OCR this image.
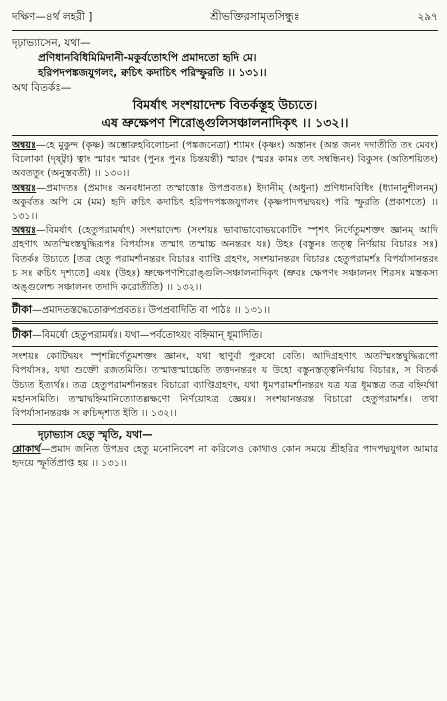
দক্ষিণ—৪র্থ লহরী ]	শ্রীভক্তিরসামৃতসিন্ধুঃ	২৯৭
দৃঢ়াভ্যাসেন, যথা—
প্রণিধানবিধিমিমিদানী-মকুর্বতোঽপি প্রমাদতো হৃদি মে।
হরিপদপঙ্কজযুগলং, ক্বচিৎ কদাচিৎ পরিস্ফুরতি ।। ১৩১।।
অথ বিতর্কঃ—
বিমর্ষাৎ সংশয়াদেশ্চ বিতর্কস্তূহ উচ্যতে।
এষ ভ্রুক্ষেপণ শিরোঙ্গুলিসঞ্চালনাদিকৃৎ ।। ১৩২।।
অন্বয়ঃ—হে মুকুন্দ (কৃষ্ণ) অম্ভোরুহবিলোচনা (পঙ্কজনেত্রা) শ্যামং (কৃষ্ণং) অস্তানং (অন্ত জনং দদাতীতি তং মেবং) বিলোকা (দৃষ্ট্বা) ত্বাং স্মারং স্মারং (পুনঃ পুনঃ চিন্তয়ন্তী) স্মারং (স্মরঃ কামঃ তৎ সম্বন্ধিনং) বিকুসং (অতিশয়িতং) অবততুং (অনুস্তবতী) ।। ১৩০।।
অন্বয়ঃ—প্রমাদতঃ (প্রমাদঃ অনবধানতা তস্মাত্তোঃ উপপ্রবতঃ) ইদানীম্ (অধুনা) প্রণিধানবিধিং (ধ্যানানুশীলনম্) অকুর্বতঃ অপি মে (মম) হৃদি ক্বচিৎ কদাচিৎ হরিপদপঙ্কজযুগলং (কৃষ্ণপাদপদ্মদ্বয়ং) পরি স্ফুরতি (প্রকাশতে) ।। ১৩১।।
অন্বয়ঃ—বিমর্ষাৎ (হেতুপরামর্ষাৎ) সংশয়াদেশ্চ (সংশয়ঃ ভাবাভাবোভয়কোটিং স্পৃশৎ নির্ণেতুমশক্তং জ্ঞানম্ আদি গ্রহণাৎ অতস্মিংস্তদ্বুদ্ধিরূপঃ বিপর্যাসঃ তস্মাৎ তস্মাচ্চ অনন্তরং যঃ) উহঃ (বস্তুনঃ তত্ত্ব নির্ণয়ায় বিচারঃ সঃ) বিতর্কঃ উচ্যতে [তত্র হেতু পরামর্শানন্তরং বিচারঃ ব্যাপ্তি গ্রহণং, সংশয়ানন্তরং বিচারঃ হেতুপরামর্শঃ বিপর্যাসানন্তরং চ সঃ ক্বচিৎ দৃশ্যতে] এষঃ (উহঃ) ভ্রুক্ষেপণশিরোঙ্গুলি-সঞ্চালনাদিকৃৎ (ভ্রুবঃ ক্ষেপণং সঞ্চালনং শিরসঃ মস্তকস্য অঙ্গুলেশ্চ সঞ্চালনং তদাদি করোতীতি) ।। ১৩২।।
টীকা—প্রমাদতস্তদ্ধেতোরুপপ্রবতঃ। উপপ্রবাদিতি বা পাঠঃ ।। ১৩১।।
টীকা—বিমর্ষো হেতুপরামর্ষঃ। যথা—পর্বতোঽয়ং বহ্নিমান্ ধূমাদিতি।
সংশয়ঃ কোটিদ্বয়ং স্পৃশন্নির্ণেতুমশক্তং জ্ঞানং, যথা স্থাণুর্বা পুরুষো বেতি। আদিগ্রহণাৎ অতস্মিংস্তদ্বুদ্ধিরূপো বিপর্যাসঃ, যথা শুক্তৌ রজতমিতি। তস্মাত্তস্মাচ্চেতি তত্তদনন্তরং য উহো বস্তুনস্তত্ত্বনির্ণয়ায় বিচারঃ, স বিতর্ক উচ্যত ইত্যর্থঃ। তত্র হেতুপরামর্শানন্তরং বিচারো ব্যাপ্তিগ্রহণং, যথা ধূমপরামর্শানন্তরং যত্র যত্র ধূমস্তত্র তত্র বহ্নির্যথা মহানসমিতি। তস্মাদ্বহ্নিমানিত্যোতল্লক্ষণো নির্ণয়োঽত্র জ্ঞেয়ঃ। সংশয়ানন্তরন্ত বিচারো হেতুপরামর্শঃ। তথা বিপর্যাসানন্তরঞ্চ স ক্বচিদ্দৃশ্যত ইতি ।। ১৩২।।
দৃঢ়াভ্যাস হেতু স্মৃতি, যথা—
শ্লোকার্থ—প্রমাদ জনিত উপদ্রব হেতু মনোনিবেশ না করিলেও কোথাও কোন সময়ে শ্রীহরির পাদপদ্মযুগল আমার হৃদয়ে স্ফূর্তিপ্রাপ্ত হয় ।। ১৩১।।
